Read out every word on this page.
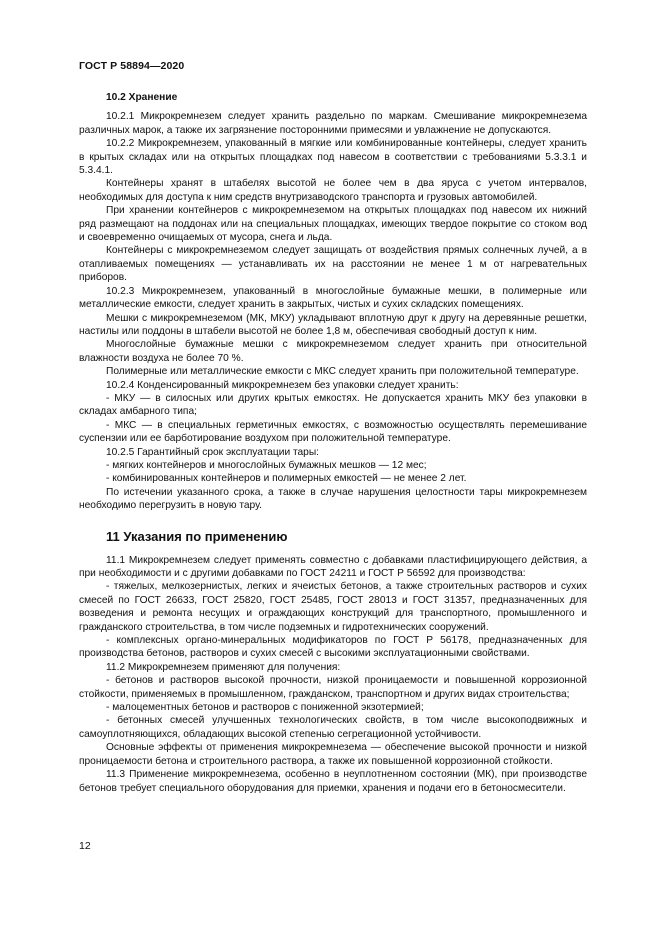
ГОСТ Р 58894—2020

10.2 Хранение

10.2.1 Микрокремнезем следует хранить раздельно по маркам. Смешивание микрокремнезема различных марок, а также их загрязнение посторонними примесями и увлажнение не допускаются.

10.2.2 Микрокремнезем, упакованный в мягкие или комбинированные контейнеры, следует хранить в крытых складах или на открытых площадках под навесом в соответствии с требованиями 5.3.3.1 и 5.3.4.1.

Контейнеры хранят в штабелях высотой не более чем в два яруса с учетом интервалов, необходимых для доступа к ним средств внутризаводского транспорта и грузовых автомобилей.

При хранении контейнеров с микрокремнеземом на открытых площадках под навесом их нижний ряд размещают на поддонах или на специальных площадках, имеющих твердое покрытие со стоком вод и своевременно очищаемых от мусора, снега и льда.

Контейнеры с микрокремнеземом следует защищать от воздействия прямых солнечных лучей, а в отапливаемых помещениях — устанавливать их на расстоянии не менее 1 м от нагревательных приборов.

10.2.3 Микрокремнезем, упакованный в многослойные бумажные мешки, в полимерные или металлические емкости, следует хранить в закрытых, чистых и сухих складских помещениях.

Мешки с микрокремнеземом (МК, МКУ) укладывают вплотную друг к другу на деревянные решетки, настилы или поддоны в штабели высотой не более 1,8 м, обеспечивая свободный доступ к ним.

Многослойные бумажные мешки с микрокремнеземом следует хранить при относительной влажности воздуха не более 70 %.

Полимерные или металлические емкости с МКС следует хранить при положительной температуре.

10.2.4 Конденсированный микрокремнезем без упаковки следует хранить:

- МКУ — в силосных или других крытых емкостях. Не допускается хранить МКУ без упаковки в складах амбарного типа;

- МКС — в специальных герметичных емкостях, с возможностью осуществлять перемешивание суспензии или ее барботирование воздухом при положительной температуре.

10.2.5 Гарантийный срок эксплуатации тары:

- мягких контейнеров и многослойных бумажных мешков — 12 мес;

- комбинированных контейнеров и полимерных емкостей — не менее 2 лет.

По истечении указанного срока, а также в случае нарушения целостности тары микрокремнезем необходимо перегрузить в новую тару.

11 Указания по применению

11.1 Микрокремнезем следует применять совместно с добавками пластифицирующего действия, а при необходимости и с другими добавками по ГОСТ 24211 и ГОСТ Р 56592 для производства:

- тяжелых, мелкозернистых, легких и ячеистых бетонов, а также строительных растворов и сухих смесей по ГОСТ 26633, ГОСТ 25820, ГОСТ 25485, ГОСТ 28013 и ГОСТ 31357, предназначенных для возведения и ремонта несущих и ограждающих конструкций для транспортного, промышленного и гражданского строительства, в том числе подземных и гидротехнических сооружений.

- комплексных органо-минеральных модификаторов по ГОСТ Р 56178, предназначенных для производства бетонов, растворов и сухих смесей с высокими эксплуатационными свойствами.

11.2 Микрокремнезем применяют для получения:

- бетонов и растворов высокой прочности, низкой проницаемости и повышенной коррозионной стойкости, применяемых в промышленном, гражданском, транспортном и других видах строительства;

- малоцементных бетонов и растворов с пониженной экзотермией;

- бетонных смесей улучшенных технологических свойств, в том числе высокоподвижных и самоуплотняющихся, обладающих высокой степенью сегрегационной устойчивости.

Основные эффекты от применения микрокремнезема — обеспечение высокой прочности и низкой проницаемости бетона и строительного раствора, а также их повышенной коррозионной стойкости.

11.3 Применение микрокремнезема, особенно в неуплотненном состоянии (МК), при производстве бетонов требует специального оборудования для приемки, хранения и подачи его в бетоносмесители.

12
